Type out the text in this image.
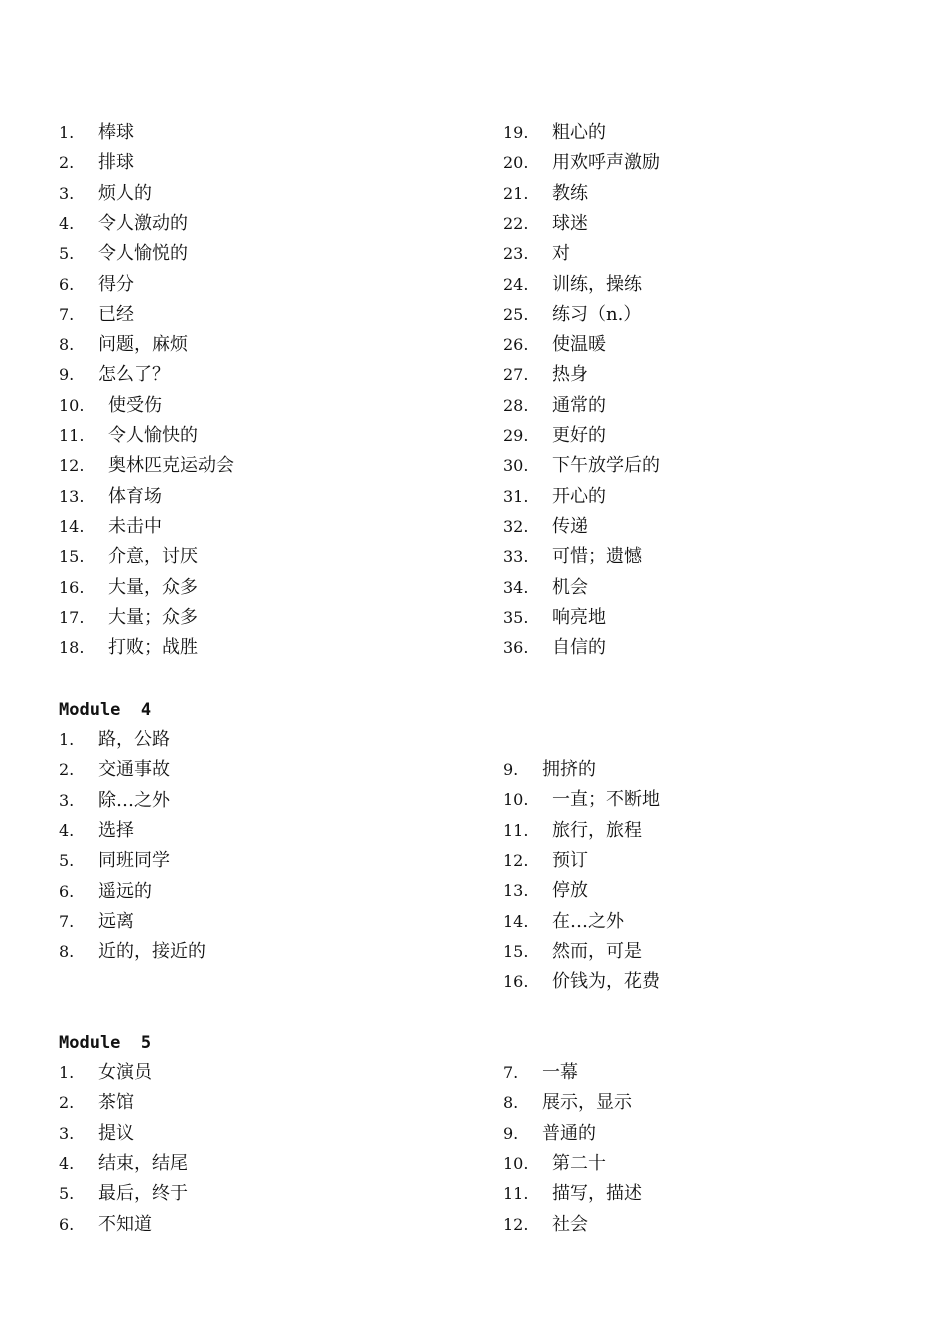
1. 棒球
2. 排球
3. 烦人的
4. 令人激动的
5. 令人愉悦的
6. 得分
7. 已经
8. 问题，麻烦
9. 怎么了？
10. 使受伤
11. 令人愉快的
12. 奥林匹克运动会
13. 体育场
14. 未击中
15. 介意，讨厌
16. 大量，众多
17. 大量；众多
18. 打败；战胜
19. 粗心的
20. 用欢呼声激励
21. 教练
22. 球迷
23. 对
24. 训练，操练
25. 练习（n.）
26. 使温暖
27. 热身
28. 通常的
29. 更好的
30. 下午放学后的
31. 开心的
32. 传递
33. 可惜；遗憾
34. 机会
35. 响亮地
36. 自信的
Module  4
1. 路，公路
2. 交通事故
3. 除…之外
4. 选择
5. 同班同学
6. 遥远的
7. 远离
8. 近的，接近的
9. 拥挤的
10. 一直；不断地
11. 旅行，旅程
12. 预订
13. 停放
14. 在…之外
15. 然而，可是
16. 价钱为，花费
Module  5
1. 女演员
2. 茶馆
3. 提议
4. 结束，结尾
5. 最后，终于
6. 不知道
7. 一幕
8. 展示，显示
9. 普通的
10. 第二十
11. 描写，描述
12. 社会
